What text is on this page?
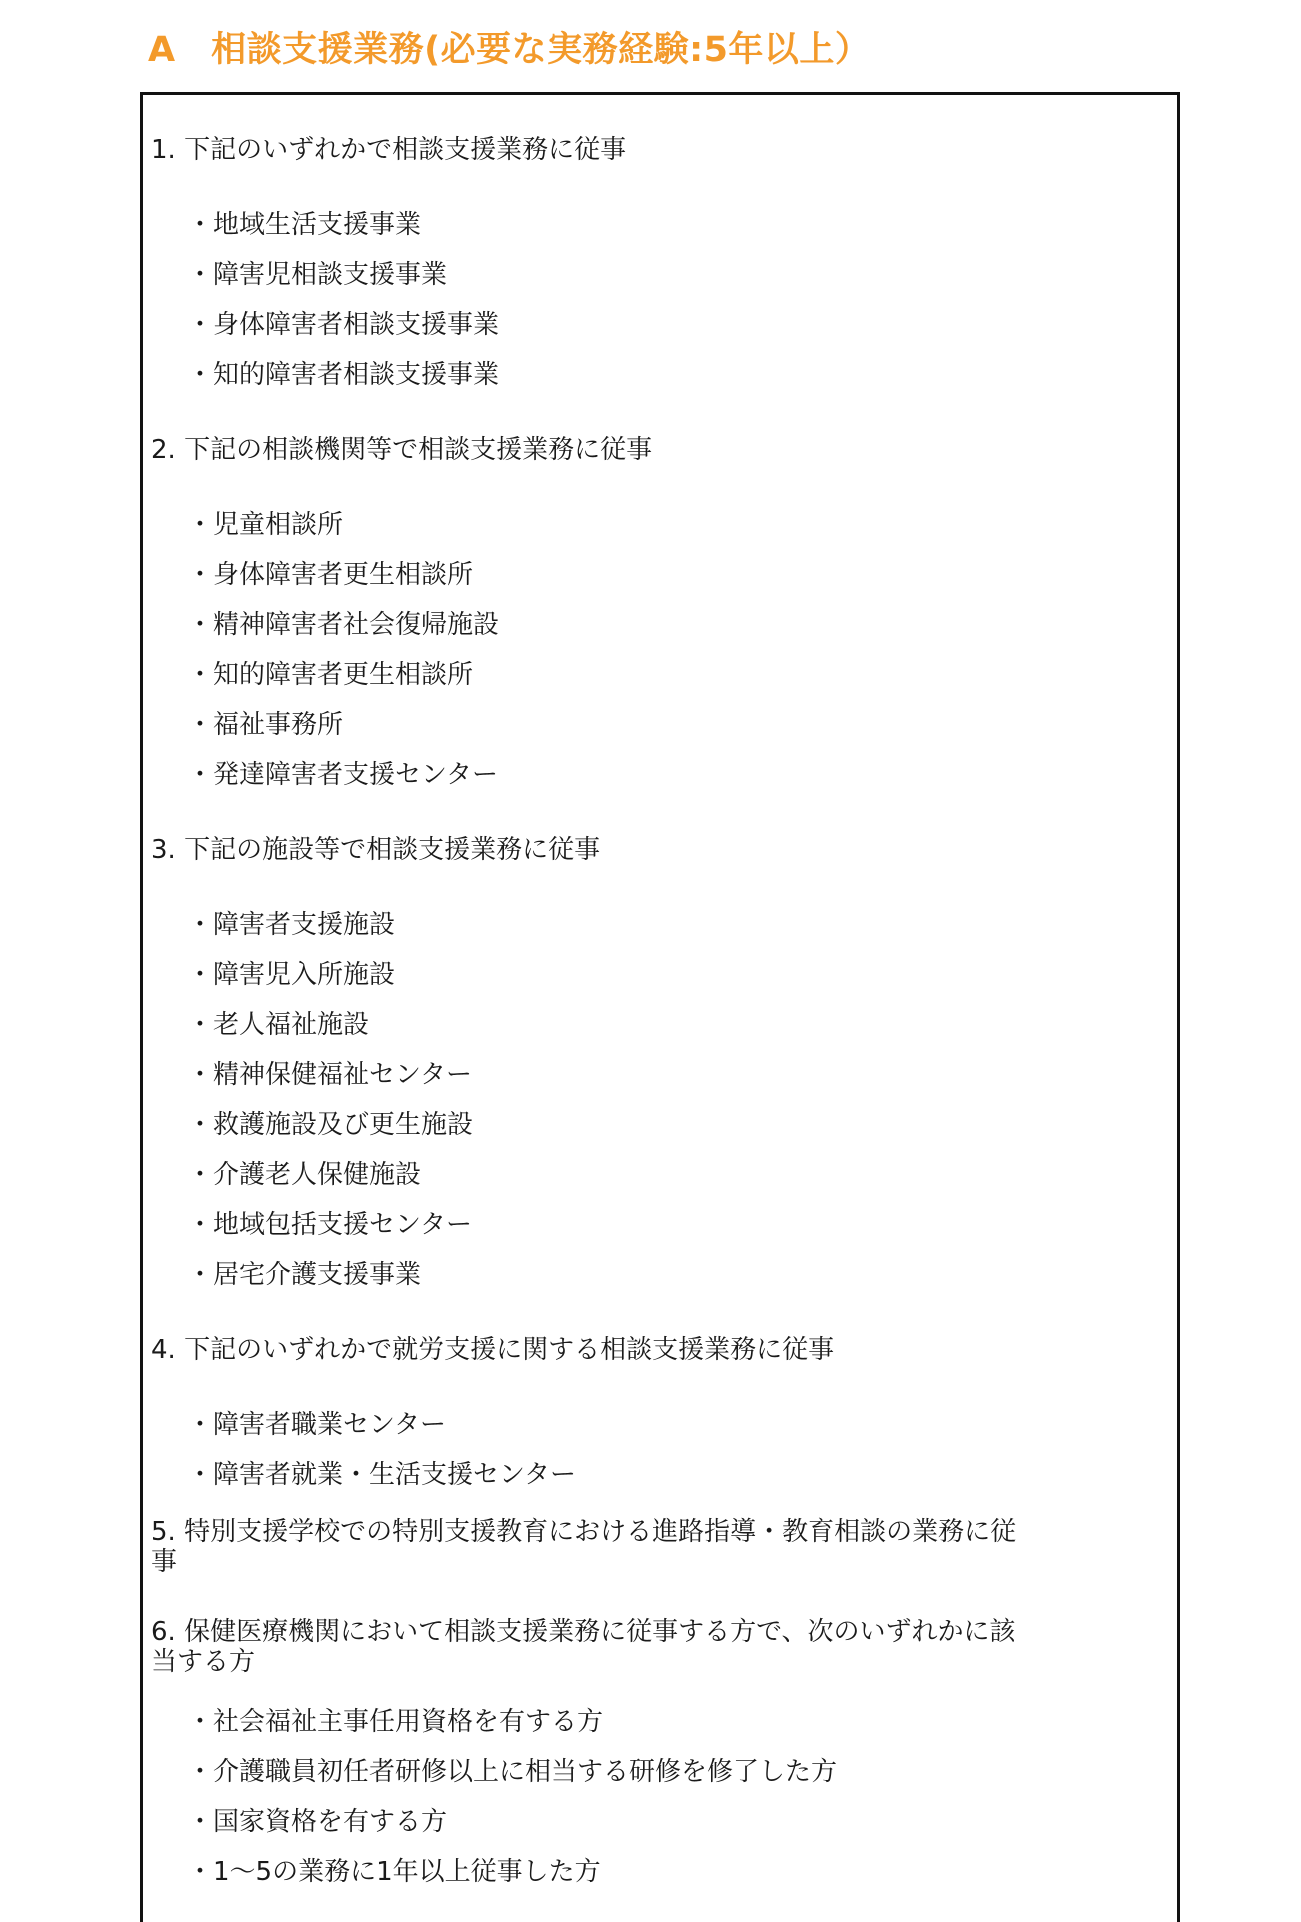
A　相談支援業務(必要な実務経験:5年以上）
1. 下記のいずれかで相談支援業務に従事
・地域生活支援事業
・障害児相談支援事業
・身体障害者相談支援事業
・知的障害者相談支援事業
2. 下記の相談機関等で相談支援業務に従事
・児童相談所
・身体障害者更生相談所
・精神障害者社会復帰施設
・知的障害者更生相談所
・福祉事務所
・発達障害者支援センター
3. 下記の施設等で相談支援業務に従事
・障害者支援施設
・障害児入所施設
・老人福祉施設
・精神保健福祉センター
・救護施設及び更生施設
・介護老人保健施設
・地域包括支援センター
・居宅介護支援事業
4. 下記のいずれかで就労支援に関する相談支援業務に従事
・障害者職業センター
・障害者就業・生活支援センター
5. 特別支援学校での特別支援教育における進路指導・教育相談の業務に従
事
6. 保健医療機関において相談支援業務に従事する方で、次のいずれかに該
当する方
・社会福祉主事任用資格を有する方
・介護職員初任者研修以上に相当する研修を修了した方
・国家資格を有する方
・1〜5の業務に1年以上従事した方
